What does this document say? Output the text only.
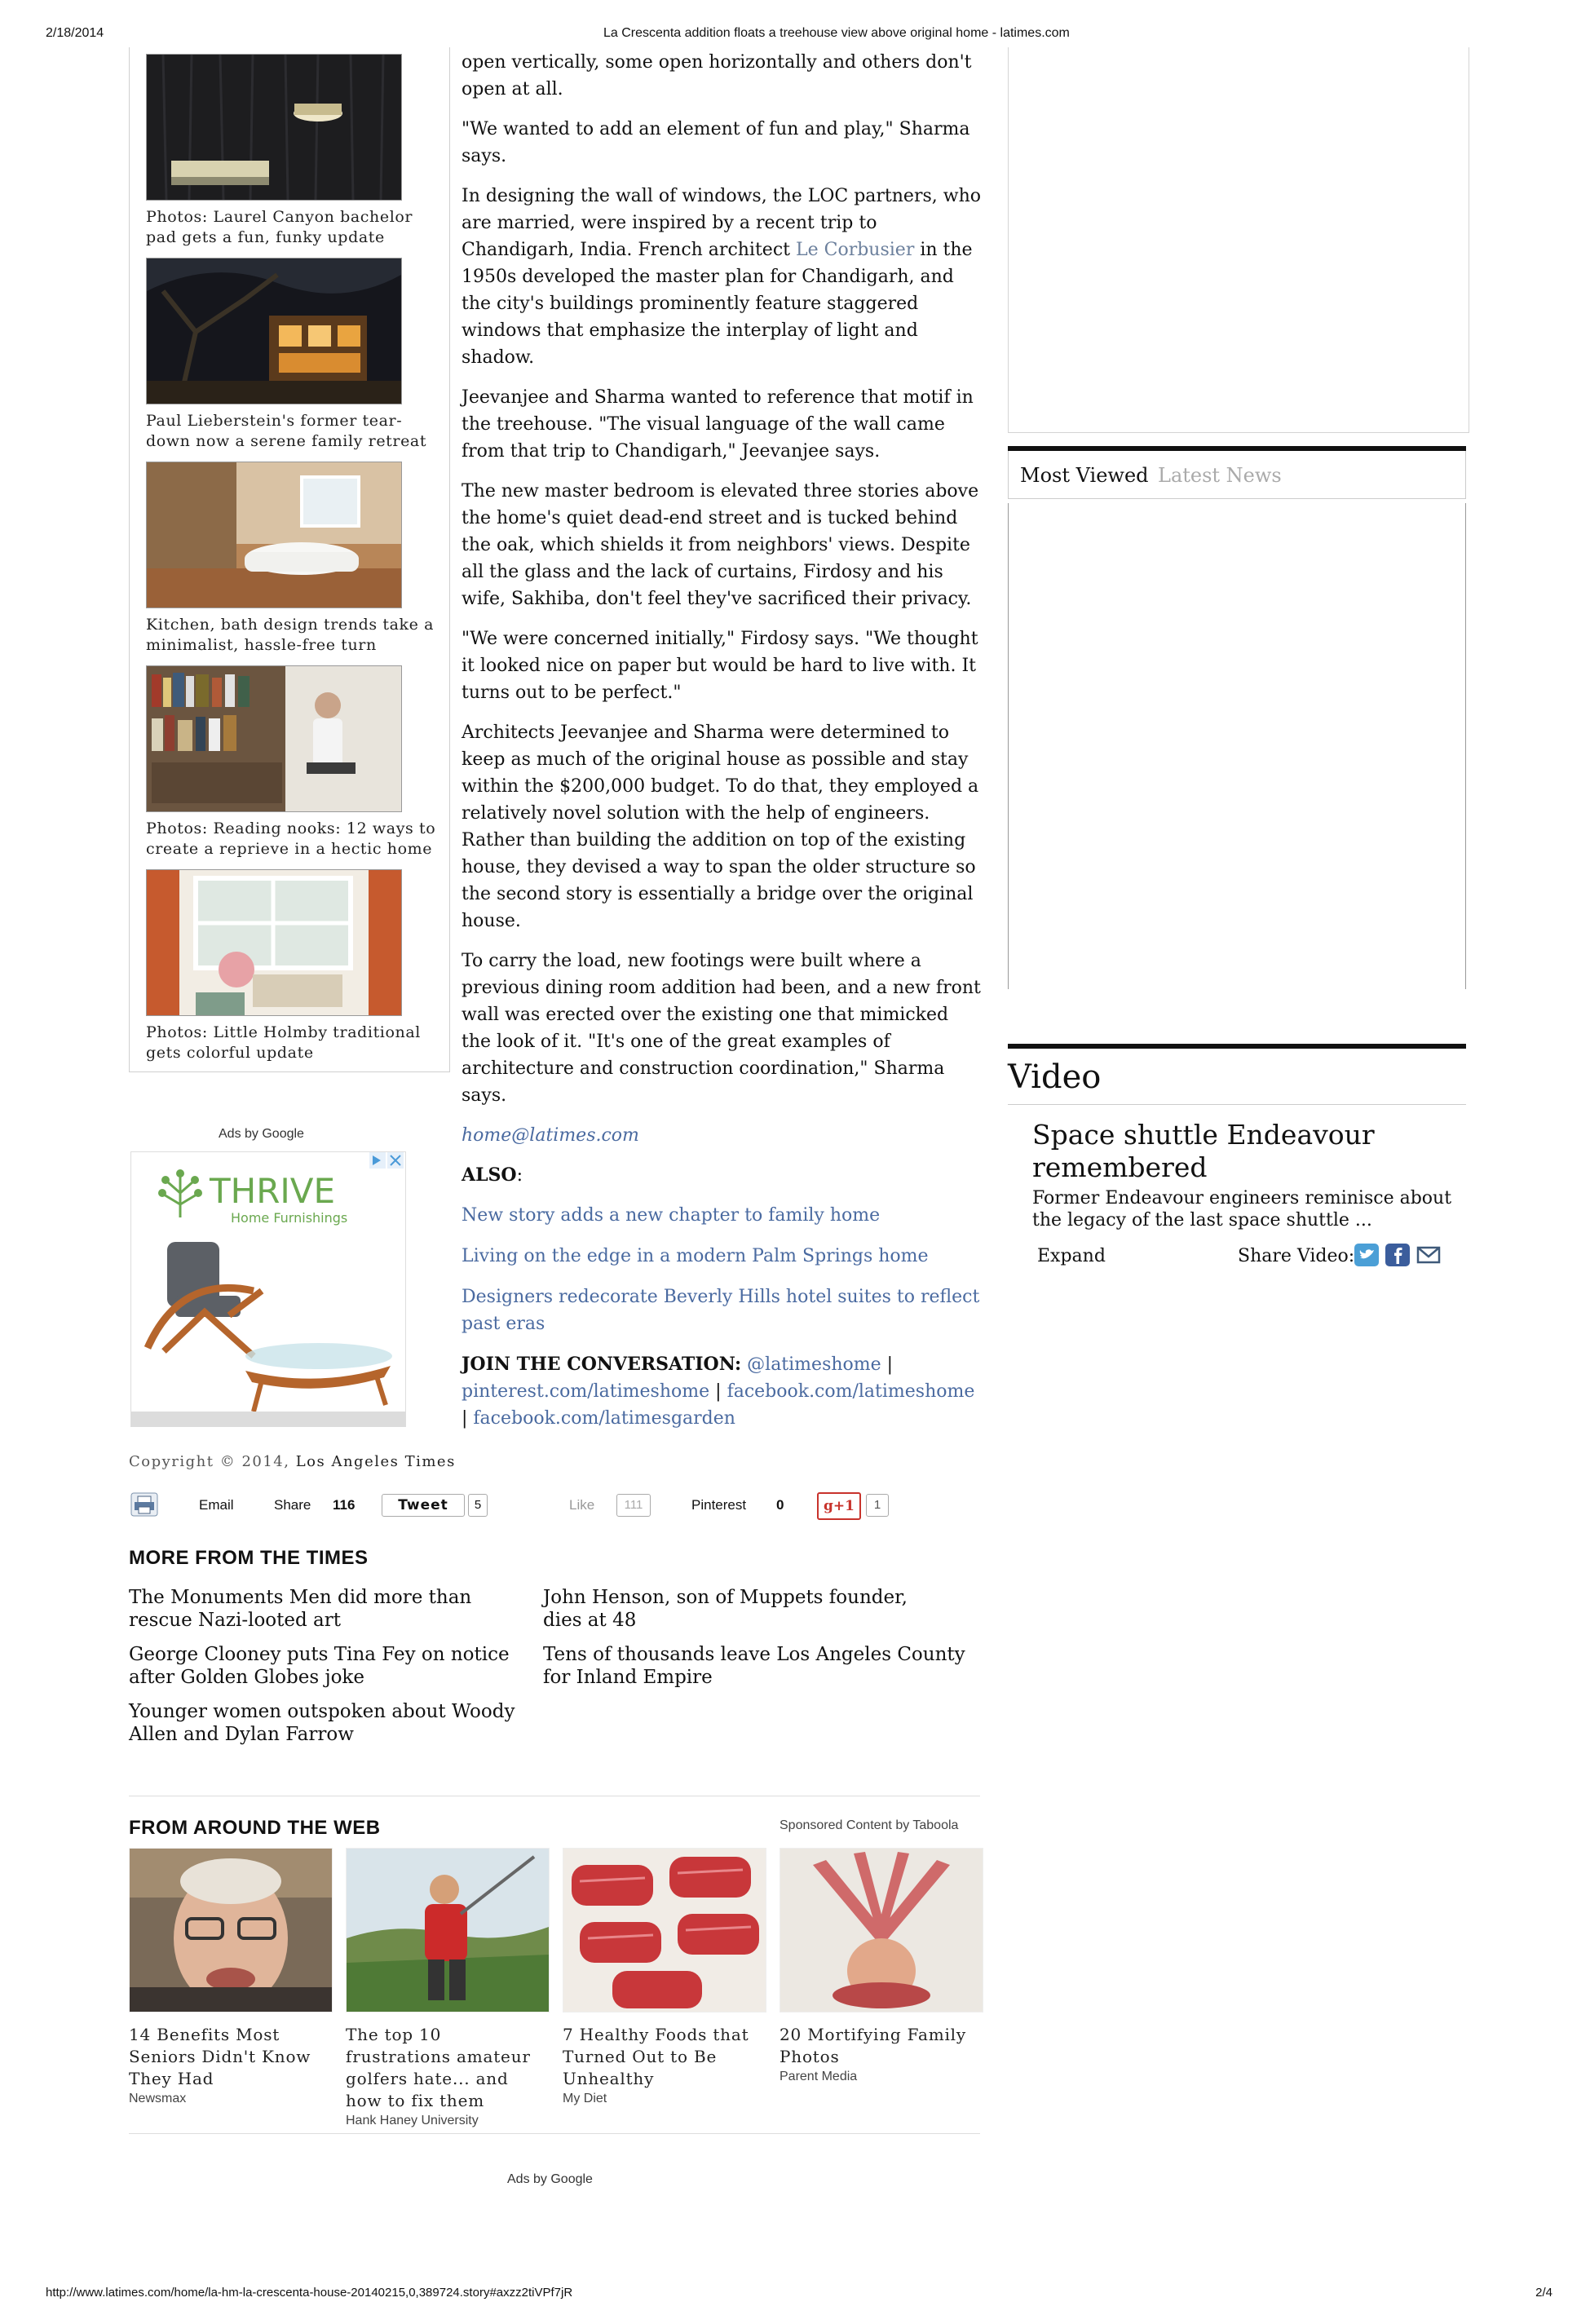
2/18/2014	La Crescenta addition floats a treehouse view above original home - latimes.com
Photos: Laurel Canyon bachelor pad gets a fun, funky update
Paul Lieberstein's former tear-down now a serene family retreat
Kitchen, bath design trends take a minimalist, hassle-free turn
Photos: Reading nooks: 12 ways to create a reprieve in a hectic home
Photos: Little Holmby traditional gets colorful update
Ads by Google
THRIVE
Home Furnishings

open vertically, some open horizontally and others don't open at all.

"We wanted to add an element of fun and play," Sharma says.

In designing the wall of windows, the LOC partners, who are married, were inspired by a recent trip to Chandigarh, India. French architect Le Corbusier in the 1950s developed the master plan for Chandigarh, and the city's buildings prominently feature staggered windows that emphasize the interplay of light and shadow.

Jeevanjee and Sharma wanted to reference that motif in the treehouse. "The visual language of the wall came from that trip to Chandigarh," Jeevanjee says.

The new master bedroom is elevated three stories above the home's quiet dead-end street and is tucked behind the oak, which shields it from neighbors' views. Despite all the glass and the lack of curtains, Firdosy and his wife, Sakhiba, don't feel they've sacrificed their privacy.

"We were concerned initially," Firdosy says. "We thought it looked nice on paper but would be hard to live with. It turns out to be perfect."

Architects Jeevanjee and Sharma were determined to keep as much of the original house as possible and stay within the $200,000 budget. To do that, they employed a relatively novel solution with the help of engineers. Rather than building the addition on top of the existing house, they devised a way to span the older structure so the second story is essentially a bridge over the original house.

To carry the load, new footings were built where a previous dining room addition had been, and a new front wall was erected over the existing one that mimicked the look of it. "It's one of the great examples of architecture and construction coordination," Sharma says.

home@latimes.com

ALSO:
New story adds a new chapter to family home
Living on the edge in a modern Palm Springs home
Designers redecorate Beverly Hills hotel suites to reflect past eras
JOIN THE CONVERSATION: @latimeshome | pinterest.com/latimeshome | facebook.com/latimeshome | facebook.com/latimesgarden
Most Viewed Latest News
Video
Space shuttle Endeavour remembered
Former Endeavour engineers reminisce about the legacy of the last space shuttle ...
Expand	Share Video:
Copyright © 2014, Los Angeles Times
Email	Share 116	Tweet	5	Like	111	Pinterest 0	g+1	1
MORE FROM THE TIMES
The Monuments Men did more than rescue Nazi-looted art
John Henson, son of Muppets founder, dies at 48
George Clooney puts Tina Fey on notice after Golden Globes joke
Tens of thousands leave Los Angeles County for Inland Empire
Younger women outspoken about Woody Allen and Dylan Farrow
FROM AROUND THE WEB	Sponsored Content by Taboola
14 Benefits Most Seniors Didn't Know They Had
Newsmax
The top 10 frustrations amateur golfers hate... and how to fix them
Hank Haney University
7 Healthy Foods that Turned Out to Be Unhealthy
My Diet
20 Mortifying Family Photos
Parent Media
Ads by Google
http://www.latimes.com/home/la-hm-la-crescenta-house-20140215,0,389724.story#axzz2tiVPf7jR	2/4
